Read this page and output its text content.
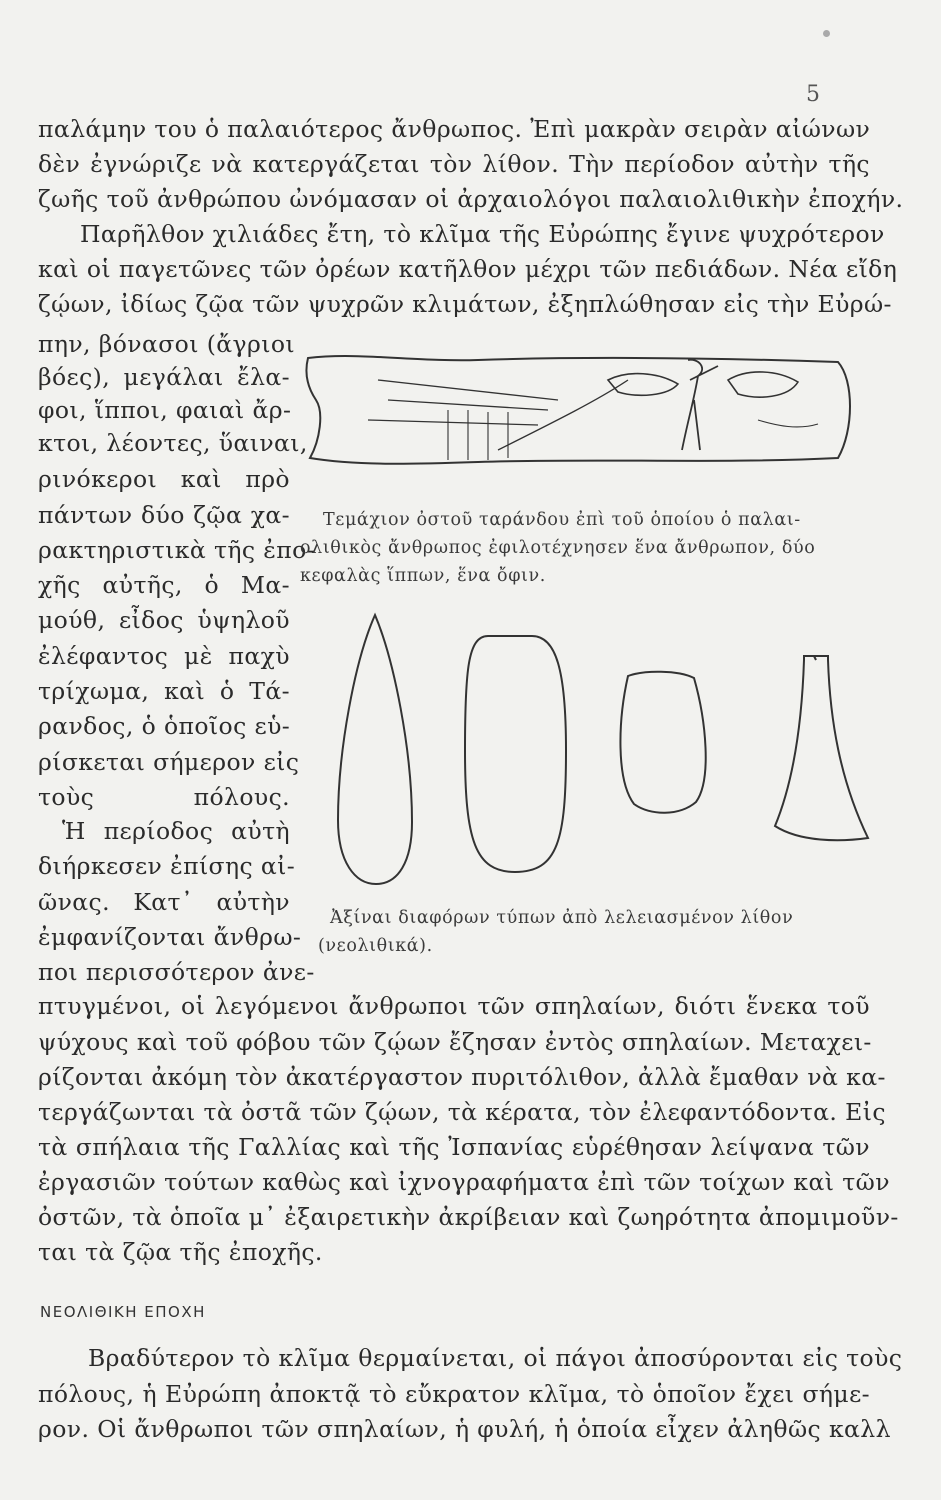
5
παλάμην του ὁ παλαιότερος ἄνθρωπος. Ἐπὶ μακρὰν σειρὰν αἰώνων
δὲν ἐγνώριζε νὰ κατεργάζεται τὸν λίθον. Τὴν περίοδον αὐτὴν τῆς
ζωῆς τοῦ ἀνθρώπου ὠνόμασαν οἱ ἀρχαιολόγοι παλαιολιθικὴν ἐποχήν.
Παρῆλθον χιλιάδες ἔτη, τὸ κλῖμα τῆς Εὐρώπης ἔγινε ψυχρότερον
καὶ οἱ παγετῶνες τῶν ὀρέων κατῆλθον μέχρι τῶν πεδιάδων. Νέα εἴδη
ζῴων, ἰδίως ζῷα τῶν ψυχρῶν κλιμάτων, ἐξηπλώθησαν εἰς τὴν Εὐρώ-
πην, βόνασοι (ἄγριοι
βόες), μεγάλαι ἔλα-
φοι, ἵπποι, φαιαὶ ἄρ-
κτοι, λέοντες, ὕαιναι,
ρινόκεροι καὶ πρὸ
πάντων δύο ζῷα χα-
ρακτηριστικὰ τῆς ἐπο-
χῆς αὐτῆς, ὁ Μα-
μούθ, εἶδος ὑψηλοῦ
ἐλέφαντος μὲ παχὺ
τρίχωμα, καὶ ὁ Τά-
ρανδος, ὁ ὁποῖος εὑ-
ρίσκεται σήμερον εἰς
τοὺς πόλους.
Ἡ περίοδος αὐτὴ
διήρκεσεν ἐπίσης αἰ-
ῶνας. Κατ᾽ αὐτὴν
ἐμφανίζονται ἄνθρω-
ποι περισσότερον ἀνε-
πτυγμένοι, οἱ λεγόμενοι ἄνθρωποι τῶν σπηλαίων, διότι ἕνεκα τοῦ
ψύχους καὶ τοῦ φόβου τῶν ζῴων ἔζησαν ἐντὸς σπηλαίων. Μεταχει-
ρίζονται ἀκόμη τὸν ἀκατέργαστον πυριτόλιθον, ἀλλὰ ἔμαθαν νὰ κα-
τεργάζωνται τὰ ὀστᾶ τῶν ζῴων, τὰ κέρατα, τὸν ἐλεφαντόδοντα. Εἰς
τὰ σπήλαια τῆς Γαλλίας καὶ τῆς Ἰσπανίας εὑρέθησαν λείψανα τῶν
ἐργασιῶν τούτων καθὼς καὶ ἰχνογραφήματα ἐπὶ τῶν τοίχων καὶ τῶν
ὀστῶν, τὰ ὁποῖα μ᾽ ἐξαιρετικὴν ἀκρίβειαν καὶ ζωηρότητα ἀπομιμοῦν-
ται τὰ ζῷα τῆς ἐποχῆς.
Τεμάχιον ὀστοῦ ταράνδου ἐπὶ τοῦ ὁποίου ὁ παλαι-
ολιθικὸς ἄνθρωπος ἐφιλοτέχνησεν ἕνα ἄνθρωπον, δύο
κεφαλὰς ἵππων, ἕνα ὄφιν.
Ἀξίναι διαφόρων τύπων ἀπὸ λελειασμένον λίθον
(νεολιθικά).
ΝΕΟΛΙΘΙΚΗ ΕΠΟΧΗ
Βραδύτερον τὸ κλῖμα θερμαίνεται, οἱ πάγοι ἀποσύρονται εἰς τοὺς
πόλους, ἡ Εὐρώπη ἀποκτᾷ τὸ εὔκρατον κλῖμα, τὸ ὁποῖον ἔχει σήμε-
ρον. Οἱ ἄνθρωποι τῶν σπηλαίων, ἡ φυλή, ἡ ὁποία εἶχεν ἀληθῶς καλλ
